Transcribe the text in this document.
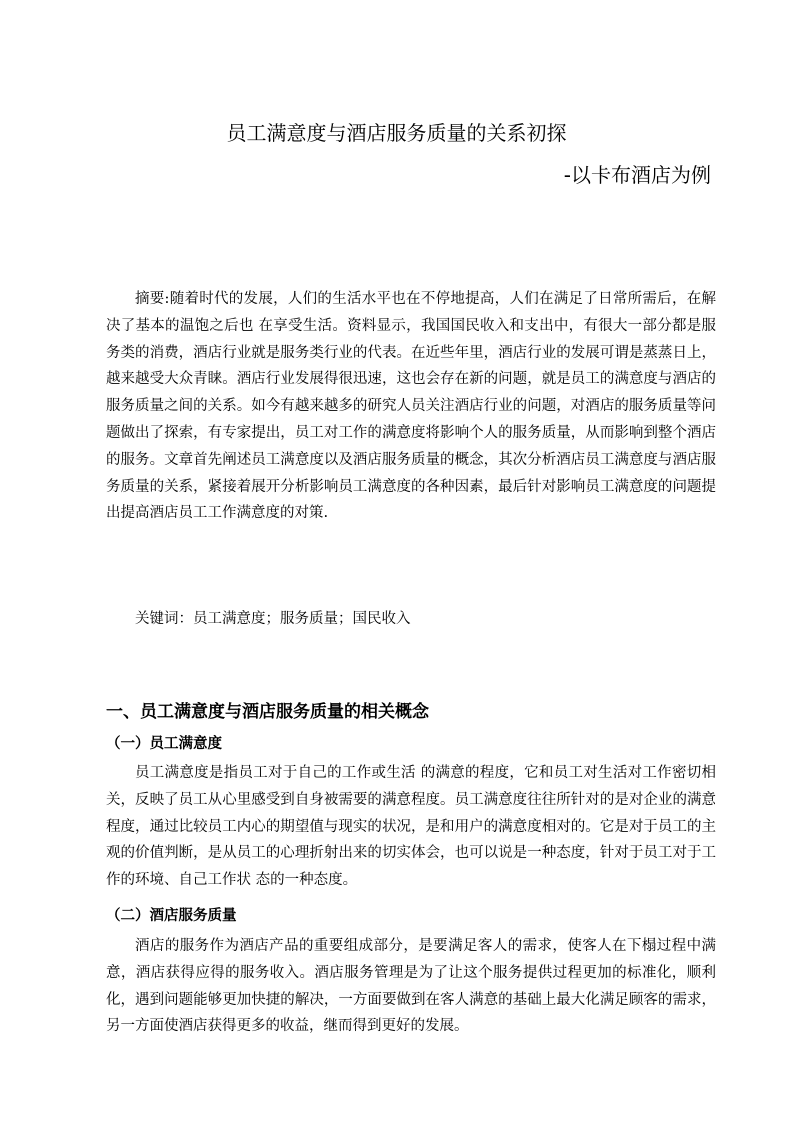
员工满意度与酒店服务质量的关系初探
-以卡布酒店为例

摘要:随着时代的发展，人们的生活水平也在不停地提高，人们在满足了日常所需后，在解决了基本的温饱之后也 在享受生活。资料显示，我国国民收入和支出中，有很大一部分都是服务类的消费，酒店行业就是服务类行业的代表。在近些年里，酒店行业的发展可谓是蒸蒸日上，越来越受大众青睐。酒店行业发展得很迅速，这也会存在新的问题，就是员工的满意度与酒店的服务质量之间的关系。如今有越来越多的研究人员关注酒店行业的问题，对酒店的服务质量等问题做出了探索，有专家提出，员工对工作的满意度将影响个人的服务质量，从而影响到整个酒店的服务。文章首先阐述员工满意度以及酒店服务质量的概念，其次分析酒店员工满意度与酒店服务质量的关系，紧接着展开分析影响员工满意度的各种因素，最后针对影响员工满意度的问题提出提高酒店员工工作满意度的对策.

关键词：员工满意度；服务质量；国民收入

一、员工满意度与酒店服务质量的相关概念
（一）员工满意度

员工满意度是指员工对于自己的工作或生活 的满意的程度，它和员工对生活对工作密切相关，反映了员工从心里感受到自身被需要的满意程度。员工满意度往往所针对的是对企业的满意程度，通过比较员工内心的期望值与现实的状况，是和用户的满意度相对的。它是对于员工的主观的价值判断，是从员工的心理折射出来的切实体会，也可以说是一种态度，针对于员工对于工作的环境、自己工作状 态的一种态度。

（二）酒店服务质量

酒店的服务作为酒店产品的重要组成部分，是要满足客人的需求，使客人在下榻过程中满意，酒店获得应得的服务收入。酒店服务管理是为了让这个服务提供过程更加的标准化，顺利化，遇到问题能够更加快捷的解决，一方面要做到在客人满意的基础上最大化满足顾客的需求，另一方面使酒店获得更多的收益，继而得到更好的发展。
